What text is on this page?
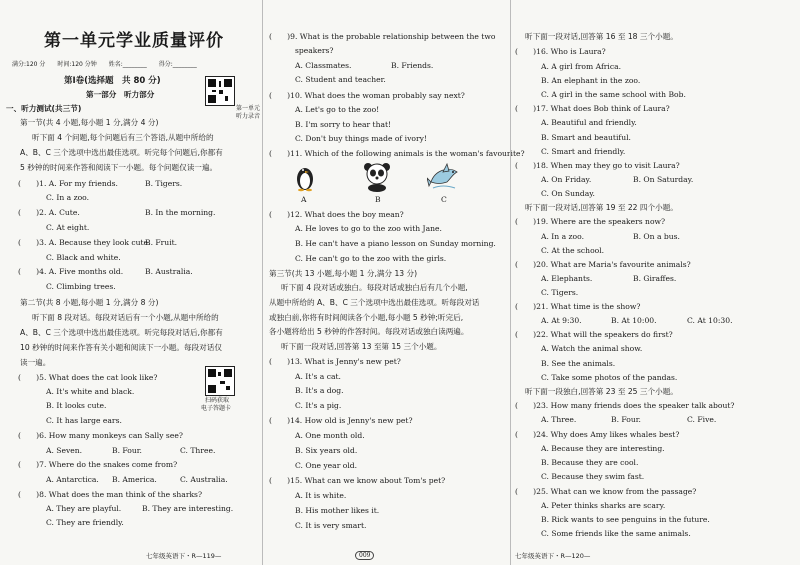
第一单元学业质量评价
满分:120 分　　时间:120 分钟　　姓名:________　　得分:________
第Ⅰ卷(选择题　共 80 分)
第一部分　听力部分
第一单元
听力录音
一、听力测试(共三节)
第一节(共 4 小题,每小题 1 分,满分 4 分)
听下面 4 个问题,每个问题后有三个答语,从题中所给的
A、B、C 三个选项中选出最佳选项。听完每个问题后,你都有
5 秒钟的时间来作答和阅读下一小题。每个问题仅读一遍。
(　　)1. A. For my friends.	B. Tigers.
C. In a zoo.
(　　)2. A. Cute.	B. In the morning.
C. At eight.
(　　)3. A. Because they look cute.
B. Fruit.
C. Black and white.
(　　)4. A. Five months old.	B. Australia.
C. Climbing trees.
第二节(共 8 小题,每小题 1 分,满分 8 分)
听下面 8 段对话。每段对话后有一个小题,从题中所给的
A、B、C 三个选项中选出最佳选项。听完每段对话后,你都有
10 秒钟的时间来作答有关小题和阅读下一小题。每段对话仅
读一遍。
扫码获取
电子答题卡
(　　)5. What does the cat look like?
A. It's white and black.
B. It looks cute.
C. It has large ears.
(　　)6. How many monkeys can Sally see?
A. Seven.	B. Four.	C. Three.
(　　)7. Where do the snakes come from?
A. Antarctica. B. America.	C. Australia.
(　　)8. What does the man think of the sharks?
A. They are playful.	B. They are interesting.
C. They are friendly.
七年级英语下・R—119—
(　　)9. What is the probable relationship between the two
speakers?
A. Classmates.	B. Friends.
C. Student and teacher.
(　　)10. What does the woman probably say next?
A. Let's go to the zoo!
B. I'm sorry to hear that!
C. Don't buy things made of ivory!
(　　)11. Which of the following animals is the woman's favourite?
A	B	C
(　　)12. What does the boy mean?
A. He loves to go to the zoo with Jane.
B. He can't have a piano lesson on Sunday morning.
C. He can't go to the zoo with the girls.
第三节(共 13 小题,每小题 1 分,满分 13 分)
听下面 4 段对话或独白。每段对话或独白后有几个小题,
从题中所给的 A、B、C 三个选项中选出最佳选项。听每段对话
或独白前,你将有时间阅读各个小题,每小题 5 秒钟;听完后,
各小题将给出 5 秒钟的作答时间。每段对话或独白读两遍。
听下面一段对话,回答第 13 至第 15 三个小题。
(　　)13. What is Jenny's new pet?
A. It's a cat.
B. It's a dog.
C. It's a pig.
(　　)14. How old is Jenny's new pet?
A. One month old.
B. Six years old.
C. One year old.
(　　)15. What can we know about Tom's pet?
A. It is white.
B. His mother likes it.
C. It is very smart.
009
听下面一段对话,回答第 16 至 18 三个小题。
(　　)16. Who is Laura?
A. A girl from Africa.
B. An elephant in the zoo.
C. A girl in the same school with Bob.
(　　)17. What does Bob think of Laura?
A. Beautiful and friendly.
B. Smart and beautiful.
C. Smart and friendly.
(　　)18. When may they go to visit Laura?
A. On Friday.	B. On Saturday.
C. On Sunday.
听下面一段对话,回答第 19 至 22 四个小题。
(　　)19. Where are the speakers now?
A. In a zoo.	B. On a bus.
C. At the school.
(　　)20. What are Maria's favourite animals?
A. Elephants.	B. Giraffes.
C. Tigers.
(　　)21. What time is the show?
A. At 9:30.	B. At 10:00.	C. At 10:30.
(　　)22. What will the speakers do first?
A. Watch the animal show.
B. See the animals.
C. Take some photos of the pandas.
听下面一段独白,回答第 23 至 25 三个小题。
(　　)23. How many friends does the speaker talk about?
A. Three.	B. Four.	C. Five.
(　　)24. Why does Amy likes whales best?
A. Because they are interesting.
B. Because they are cool.
C. Because they swim fast.
(　　)25. What can we know from the passage?
A. Peter thinks sharks are scary.
B. Rick wants to see penguins in the future.
C. Some friends like the same animals.
七年级英语下・R—120—
